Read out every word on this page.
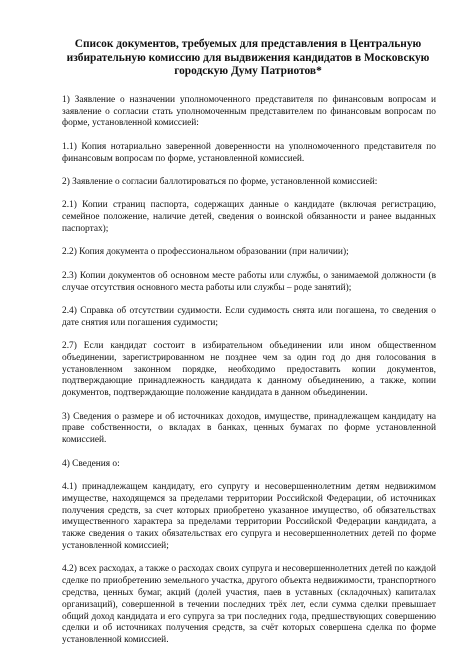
Список документов, требуемых для представления в Центральную избирательную комиссию для выдвижения кандидатов в Московскую городскую Думу Патриотов*
1) Заявление о назначении уполномоченного представителя по финансовым вопросам и заявление о согласии стать уполномоченным представителем по финансовым вопросам по форме, установленной комиссией:
1.1) Копия нотариально заверенной доверенности на уполномоченного представителя по финансовым вопросам по форме, установленной комиссией.
2) Заявление о согласии баллотироваться по форме, установленной комиссией:
2.1) Копии страниц паспорта, содержащих данные о кандидате (включая регистрацию, семейное положение, наличие детей, сведения о воинской обязанности и ранее выданных паспортах);
2.2) Копия документа о профессиональном образовании (при наличии);
2.3) Копии документов об основном месте работы или службы, о занимаемой должности (в случае отсутствия основного места работы или службы – роде занятий);
2.4) Справка об отсутствии судимости. Если судимость снята или погашена, то сведения о дате снятия или погашения судимости;
2.7) Если кандидат состоит в избирательном объединении или ином общественном объединении, зарегистрированном не позднее чем за один год до дня голосования в установленном законном порядке, необходимо предоставить копии документов, подтверждающие принадлежность кандидата к данному объединению, а также, копии документов, подтверждающие положение кандидата в данном объединении.
3) Сведения о размере и об источниках доходов, имуществе, принадлежащем кандидату на праве собственности, о вкладах в банках, ценных бумагах по форме установленной комиссией.
4) Сведения о:
4.1) принадлежащем кандидату, его супругу и несовершеннолетним детям недвижимом имуществе, находящемся за пределами территории Российской Федерации, об источниках получения средств, за счет которых приобретено указанное имущество, об обязательствах имущественного характера за пределами территории Российской Федерации кандидата, а также сведения о таких обязательствах его супруга и несовершеннолетних детей по форме установленной комиссией;
4.2) всех расходах, а также о расходах своих супруга и несовершеннолетних детей по каждой сделке по приобретению земельного участка, другого объекта недвижимости, транспортного средства, ценных бумаг, акций (долей участия, паев в уставных (складочных) капиталах организаций), совершенной в течении последних трёх лет, если сумма сделки превышает общий доход кандидата и его супруга за три последних года, предшествующих совершению сделки и об источниках получения средств, за счёт которых совершена сделка по форме установленной комиссией.
